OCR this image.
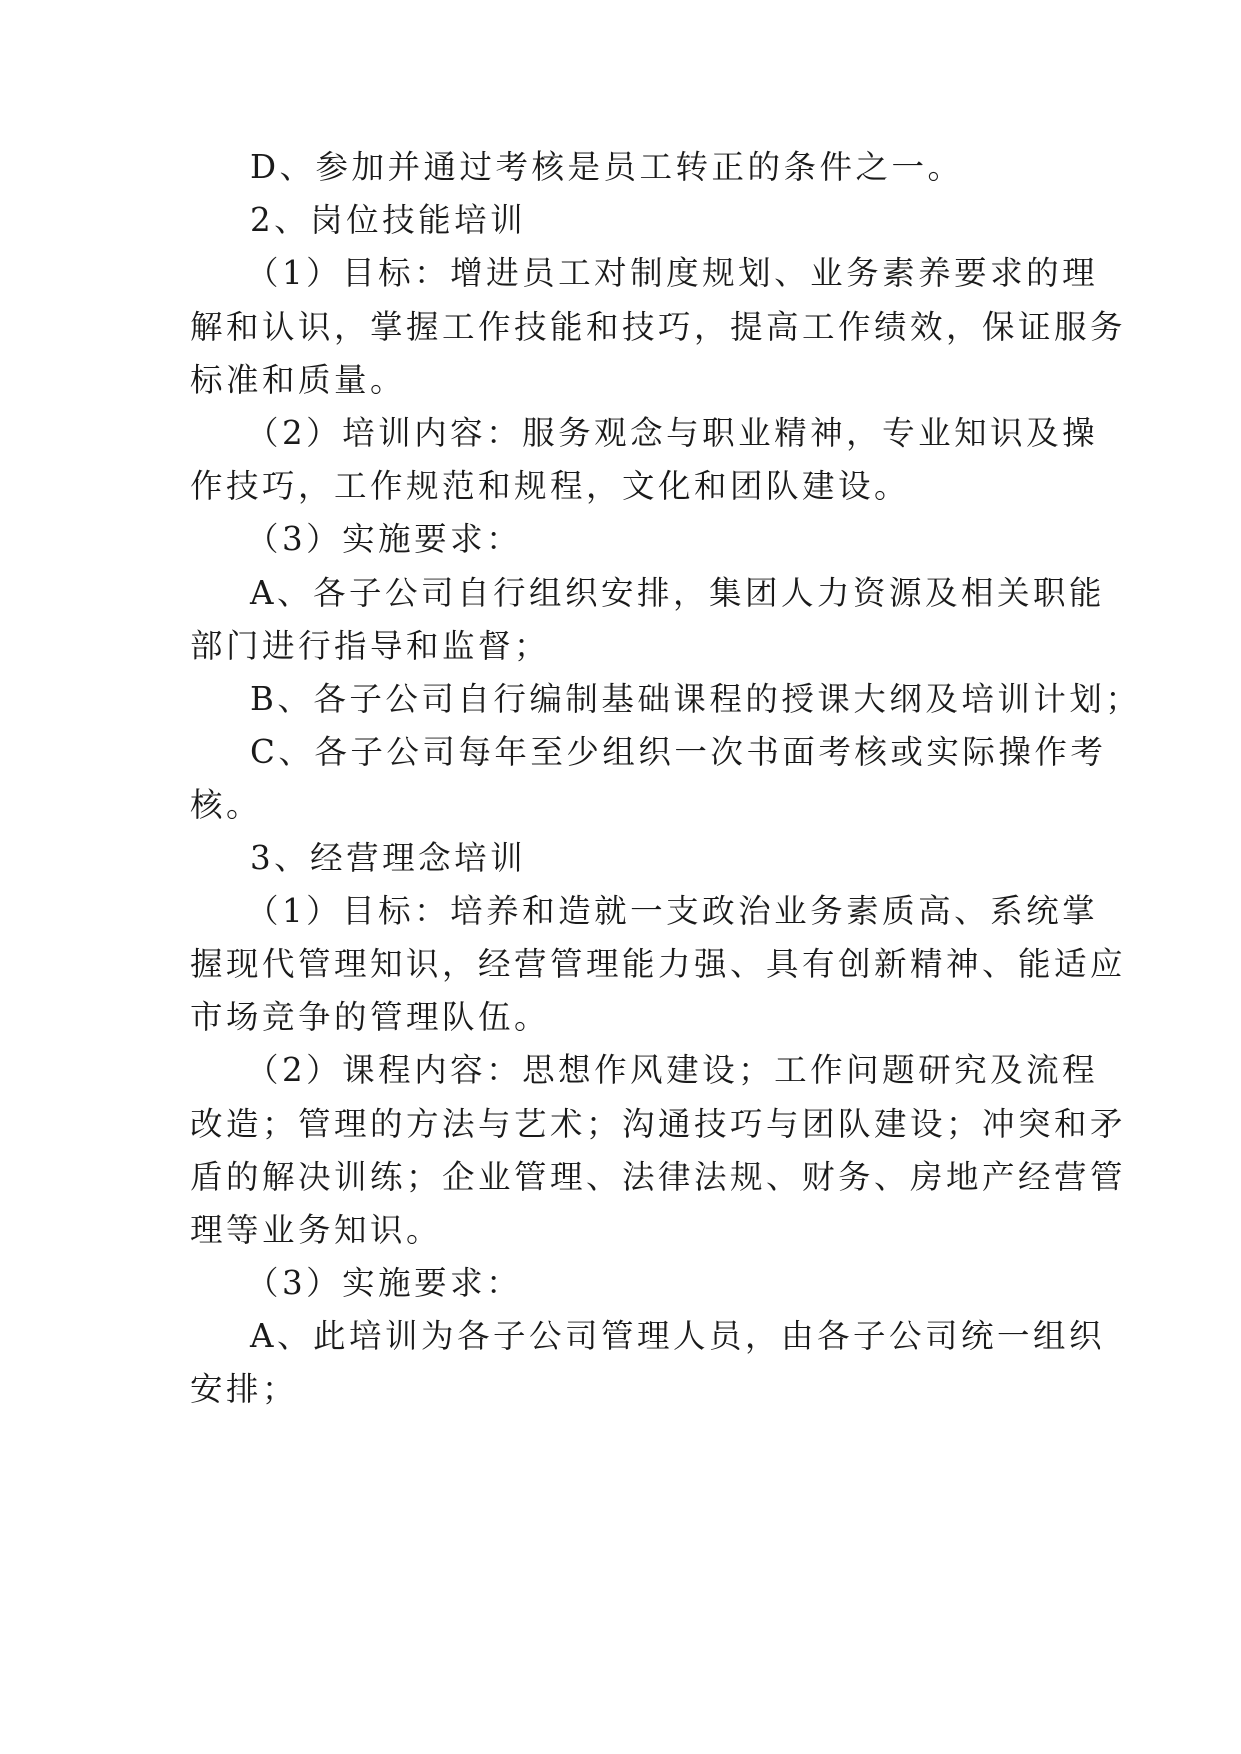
D、参加并通过考核是员工转正的条件之一。
2、岗位技能培训
（1）目标：增进员工对制度规划、业务素养要求的理
解和认识，掌握工作技能和技巧，提高工作绩效，保证服务
标准和质量。
（2）培训内容：服务观念与职业精神，专业知识及操
作技巧，工作规范和规程，文化和团队建设。
（3）实施要求：
A、各子公司自行组织安排，集团人力资源及相关职能
部门进行指导和监督；
B、各子公司自行编制基础课程的授课大纲及培训计划；
C、各子公司每年至少组织一次书面考核或实际操作考
核。
3、经营理念培训
（1）目标：培养和造就一支政治业务素质高、系统掌
握现代管理知识，经营管理能力强、具有创新精神、能适应
市场竞争的管理队伍。
（2）课程内容：思想作风建设；工作问题研究及流程
改造；管理的方法与艺术；沟通技巧与团队建设；冲突和矛
盾的解决训练；企业管理、法律法规、财务、房地产经营管
理等业务知识。
（3）实施要求：
A、此培训为各子公司管理人员，由各子公司统一组织
安排；
